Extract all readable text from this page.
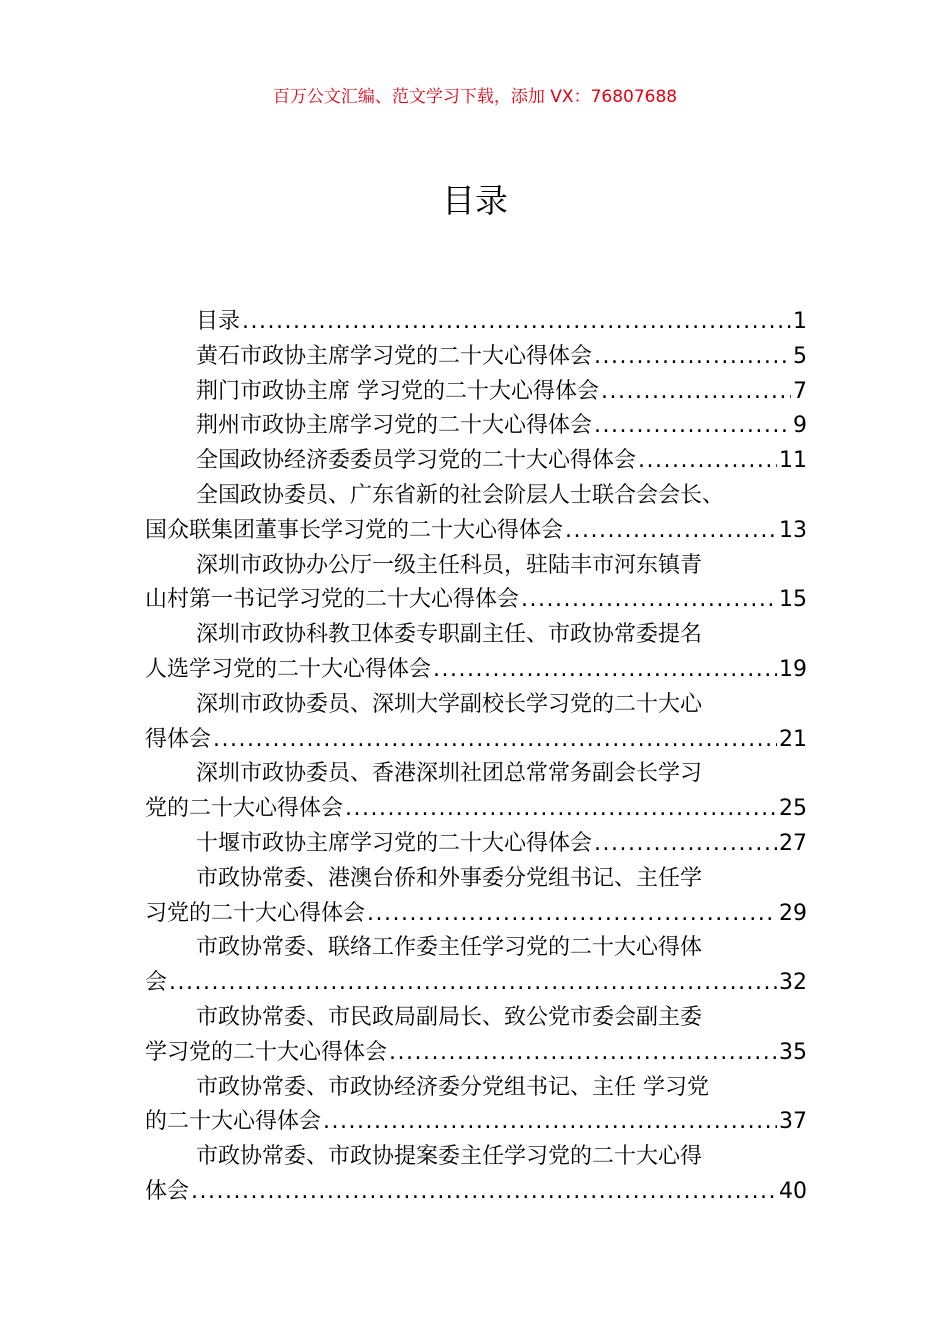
百万公文汇编、范文学习下载，添加 VX：76807688
目录
目录 .....	1
黄石市政协主席学习党的二十大心得体会 .....	5
荆门市政协主席 学习党的二十大心得体会 .....	7
荆州市政协主席学习党的二十大心得体会 .....	9
全国政协经济委委员学习党的二十大心得体会 .....	11
全国政协委员、广东省新的社会阶层人士联合会会长、
国众联集团董事长学习党的二十大心得体会 .....	13
深圳市政协办公厅一级主任科员，驻陆丰市河东镇青
山村第一书记学习党的二十大心得体会 .....	15
深圳市政协科教卫体委专职副主任、市政协常委提名
人选学习党的二十大心得体会 .....	19
深圳市政协委员、深圳大学副校长学习党的二十大心
得体会 .....	21
深圳市政协委员、香港深圳社团总常常务副会长学习
党的二十大心得体会 .....	25
十堰市政协主席学习党的二十大心得体会 .....	27
市政协常委、港澳台侨和外事委分党组书记、主任学
习党的二十大心得体会 .....	29
市政协常委、联络工作委主任学习党的二十大心得体
会 .....	32
市政协常委、市民政局副局长、致公党市委会副主委
学习党的二十大心得体会 .....	35
市政协常委、市政协经济委分党组书记、主任 学习党
的二十大心得体会 .....	37
市政协常委、市政协提案委主任学习党的二十大心得
体会 .....	40
